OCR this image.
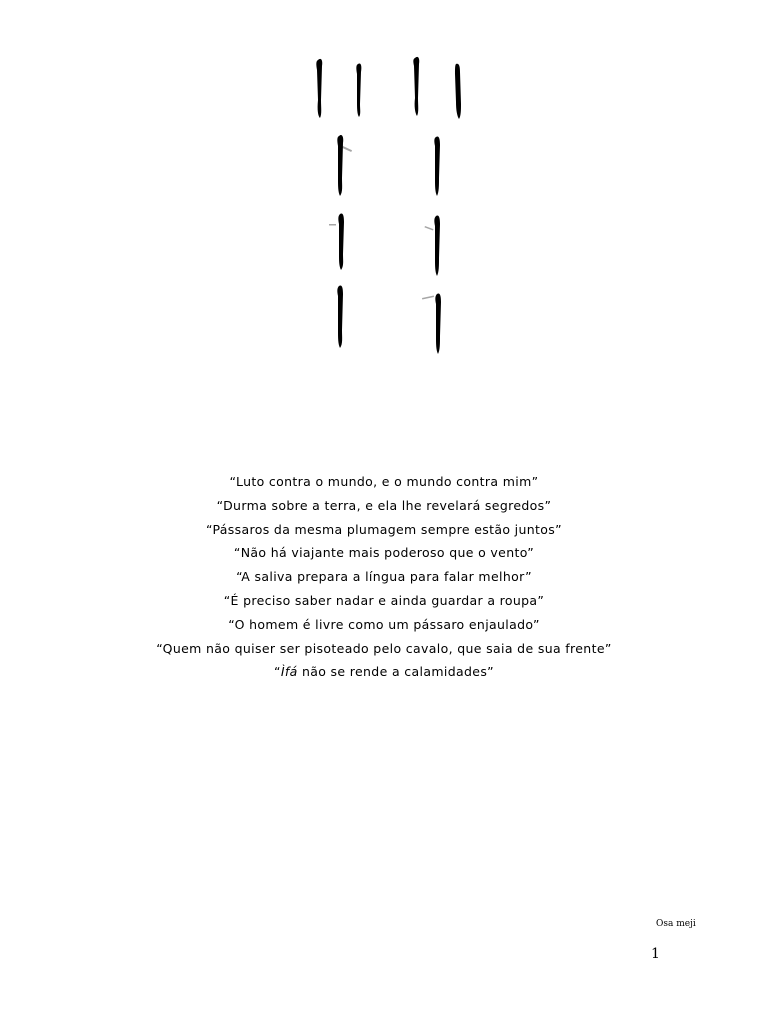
“Luto contra o mundo, e o mundo contra mim”
“Durma sobre a terra, e ela lhe revelará segredos”
“Pássaros da mesma plumagem sempre estão juntos”
“Não há viajante mais poderoso que o vento”
“A saliva prepara a língua para falar melhor”
“É preciso saber nadar e ainda guardar a roupa”
“O homem é livre como um pássaro enjaulado”
“Quem não quiser ser pisoteado pelo cavalo, que saia de sua frente”
“Ìfá não se rende a calamidades”
Osa meji
1
